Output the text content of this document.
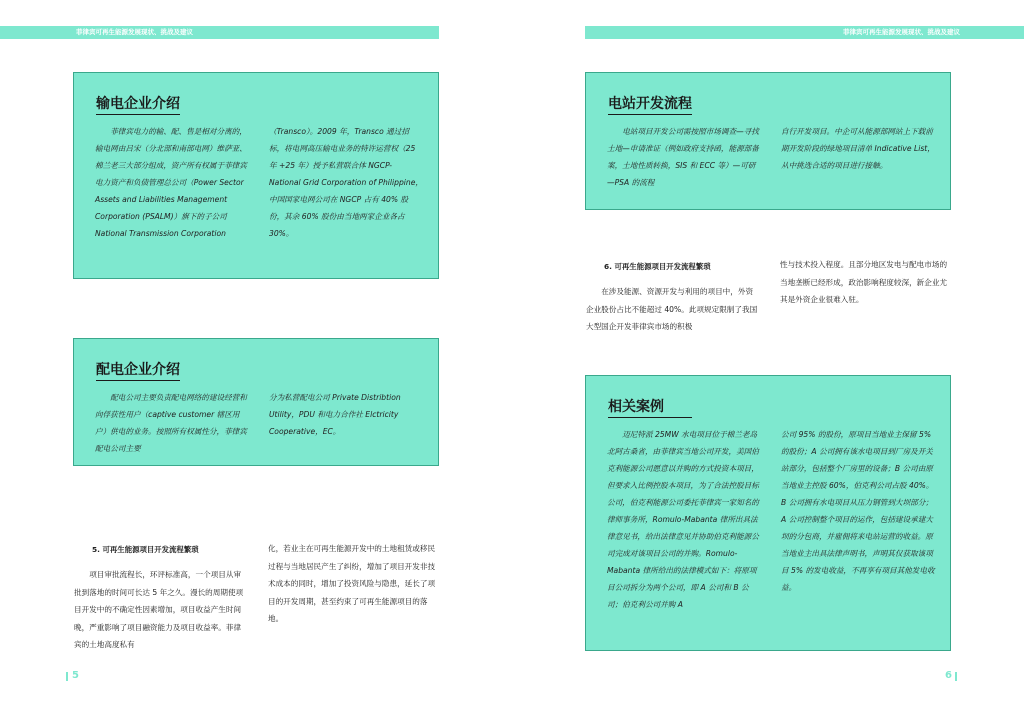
菲律宾可再生能源发展现状、挑战及建议
输电企业介绍
菲律宾电力的输、配、售是相对分离的，输电网由吕宋（分北部和南部电网）维萨亚、棉兰老三大部分组成，资产所有权属于菲律宾电力资产和负债管理总公司（Power Sector Assets and Liabilities Management Corporation (PSALM)）旗下的子公司 National Transmission Corporation
（Transco）。2009 年，Transco 通过招标，将电网高压输电业务的特许运营权（25 年 +25 年）授予私营联合体 NGCP-National Grid Corporation of Philippine，中国国家电网公司在 NGCP 占有 40% 股份，其余 60% 股份由当地两家企业各占 30%。
配电企业介绍
配电公司主要负责配电网络的建设经营和向俘获性用户（captive customer 辖区用户）供电的业务。按照所有权属性分，菲律宾配电公司主要
分为私营配电公司 Private Distribtion Utility，PDU 和电力合作社 Elctricity Cooperative，EC。
5. 可再生能源项目开发流程繁琐
项目审批流程长，环评标准高，一个项目从审批到落地的时间可长达 5 年之久。漫长的周期使项目开发中的不确定性因素增加，项目收益产生时间晚，严重影响了项目融资能力及项目收益率。菲律宾的土地高度私有
化，若业主在可再生能源开发中的土地租赁或移民过程与当地居民产生了纠纷，增加了项目开发非技术成本的同时，增加了投资风险与隐患，延长了项目的开发周期，甚至约束了可再生能源项目的落地。
5
菲律宾可再生能源发展现状、挑战及建议
电站开发流程
电站项目开发公司需按照市场调查—寻找土地—申请准证（例如政府支持函，能源部备案，土地性质转换，SIS 和 ECC 等）—可研—PSA 的流程
自行开发项目。中企可从能源部网站上下载前期开发阶段的绿地项目清单 Indicative List，从中挑选合适的项目进行接触。
6. 可再生能源项目开发流程繁琐
在涉及能源、资源开发与利用的项目中，外资企业股份占比不能超过 40%。此项规定限制了我国大型国企开发菲律宾市场的积极
性与技术投入程度。且部分地区发电与配电市场的当地垄断已经形成，政治影响程度较深，新企业尤其是外资企业很难入驻。
相关案例
迈尼特派 25MW 水电项目位于棉兰老岛北阿古桑省，由菲律宾当地公司开发，美国伯克利能源公司愿意以并购的方式投资本项目，但要求入比例控股本项目，为了合法控股目标公司，伯克利能源公司委托菲律宾一家知名的律师事务所，Romulo-Mabanta 律所出具法律意见书，给出法律意见并协助伯克利能源公司完成对该项目公司的并购。Romulo-Mabanta 律所给出的法律模式如下：将原项目公司拆分为两个公司，即 A 公司和 B 公司；伯克利公司并购 A
公司 95% 的股份，原项目当地业主保留 5% 的股份；A 公司拥有该水电项目到厂房及开关站部分，包括整个厂房里的设备；B 公司由原当地业主控股 60%，伯克利公司占股 40%。B 公司拥有水电项目从压力钢管到大坝部分；A 公司控制整个项目的运作，包括建设承建大坝的分包商，并雇佣将来电站运营的收益。原当地业主出具法律声明书，声明其仅获取该项目 5% 的发电收益，不再享有项目其他发电收益。
6
